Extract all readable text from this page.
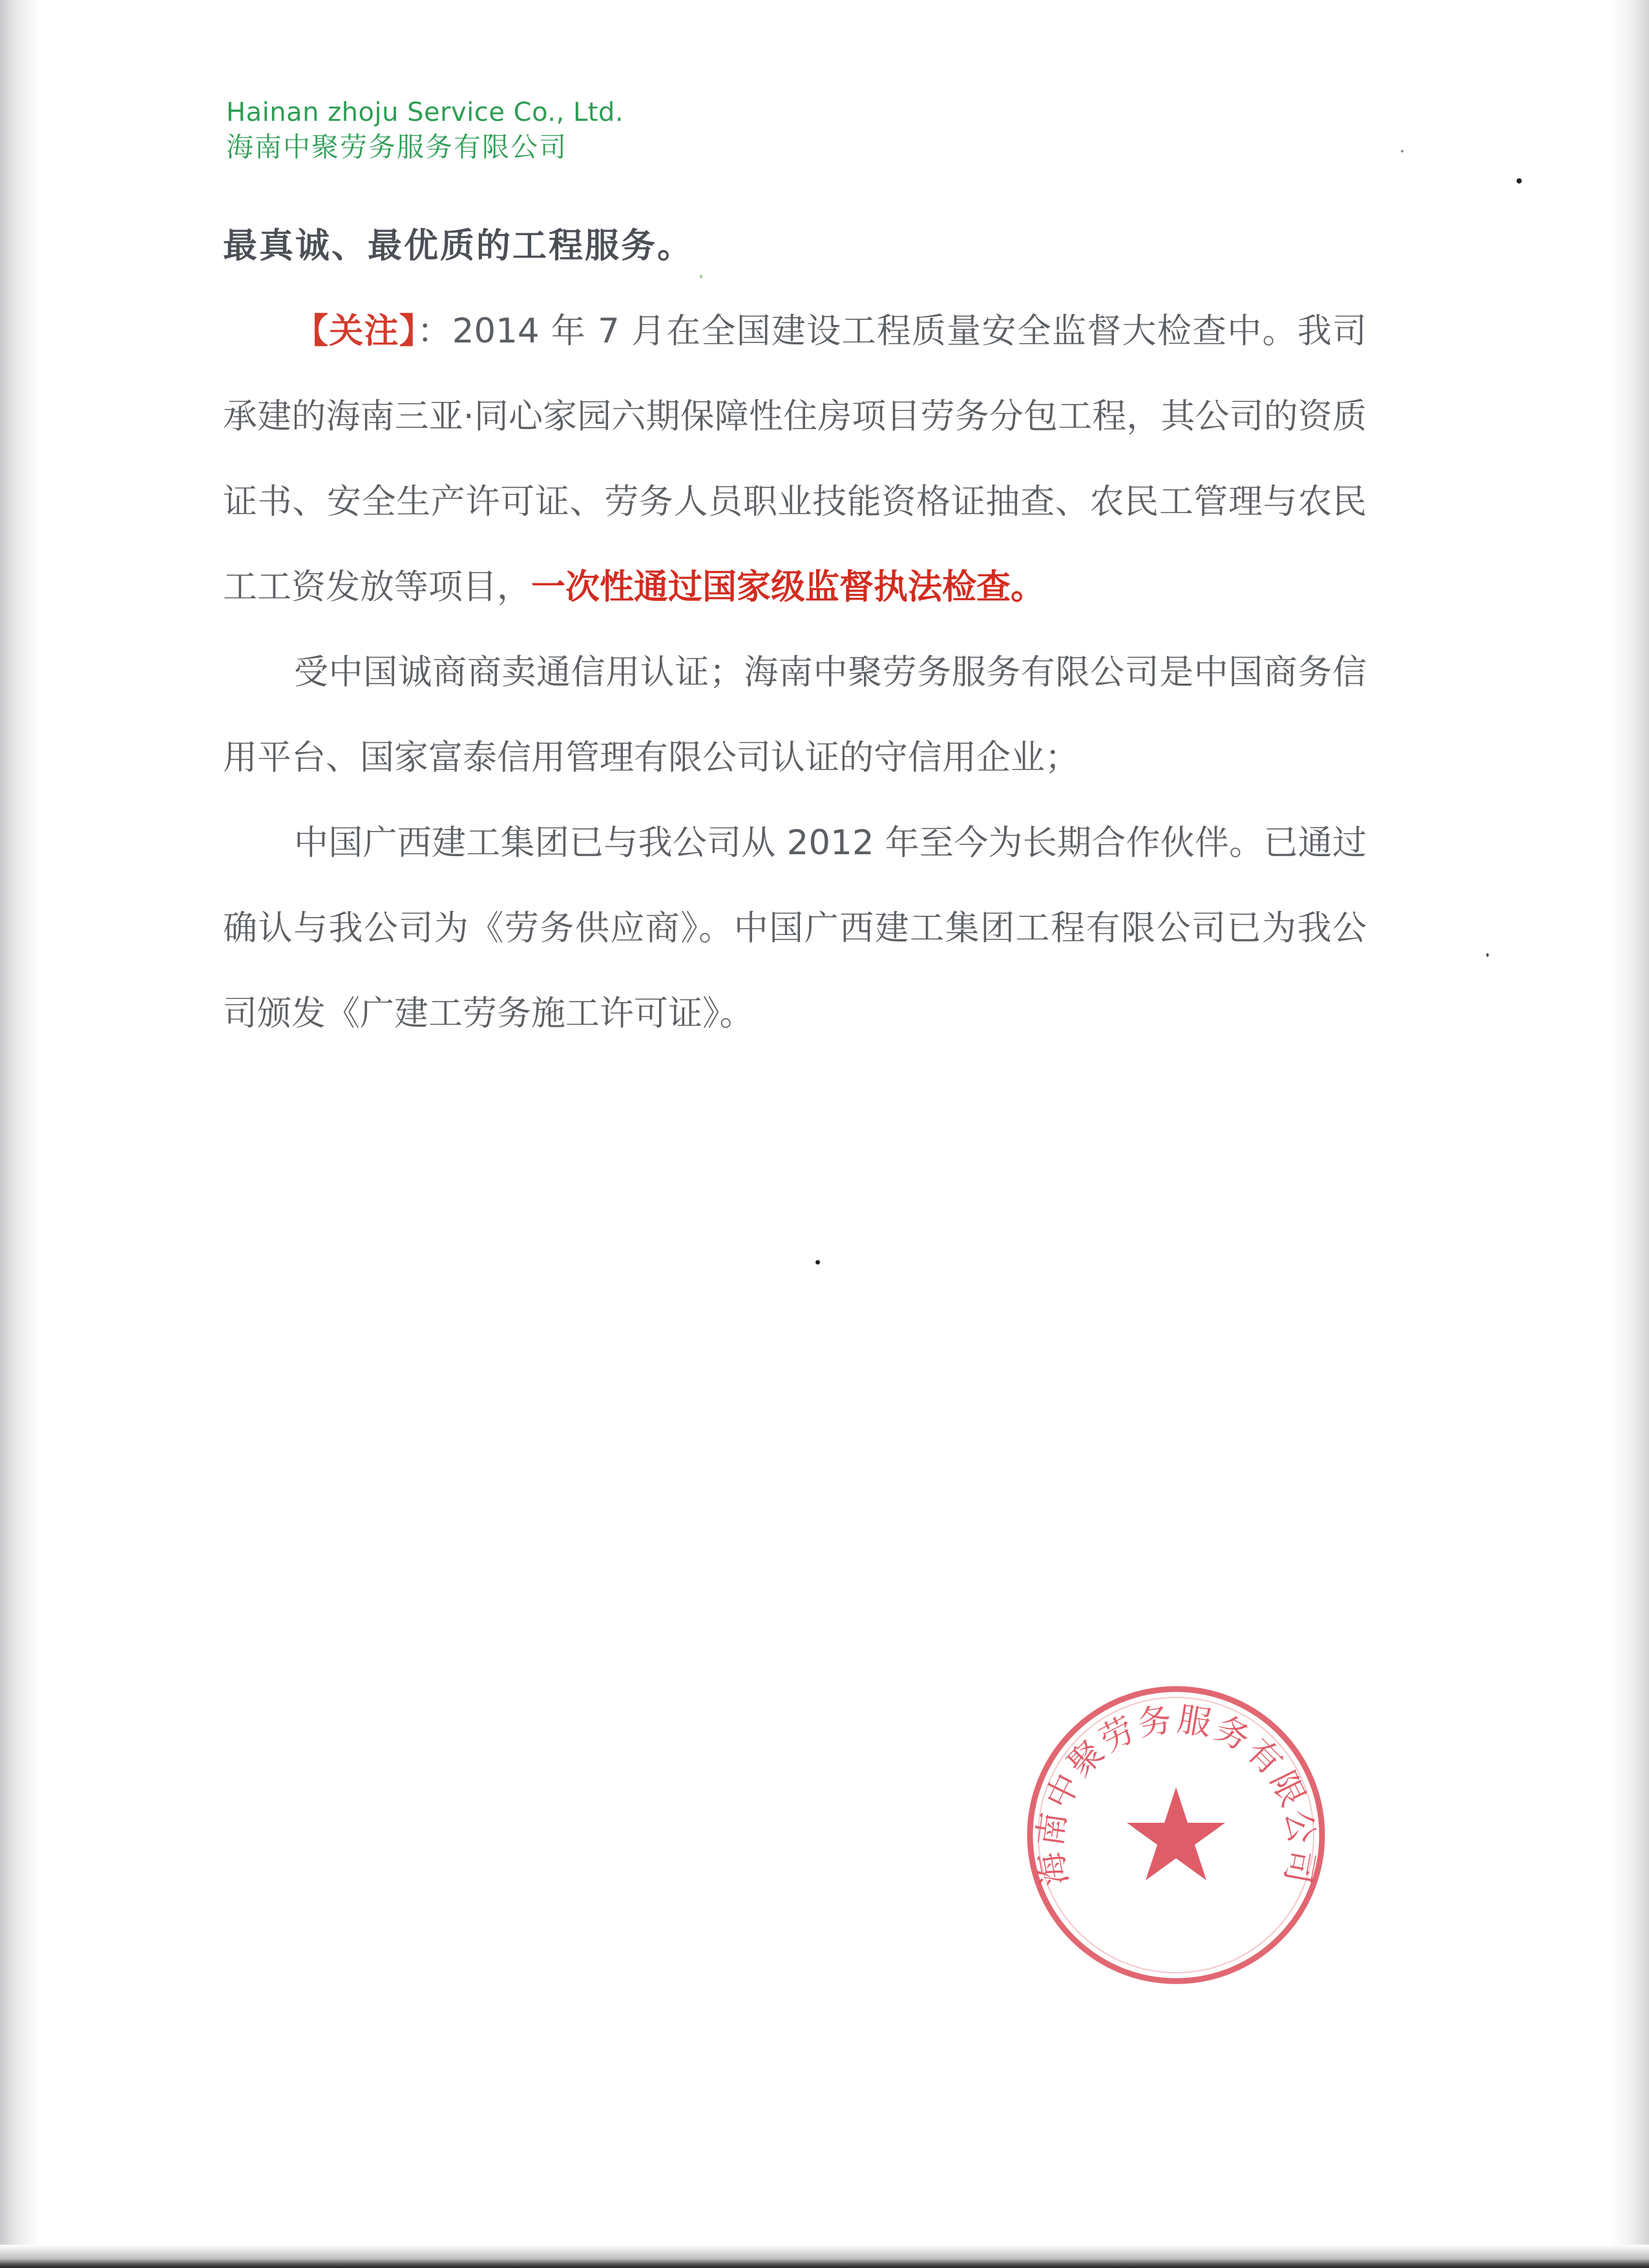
Hainan zhoju Service Co., Ltd.
海南中聚劳务服务有限公司

最真诚、最优质的工程服务。

【关注】：2014 年 7 月在全国建设工程质量安全监督大检查中。我司承建的海南三亚·同心家园六期保障性住房项目劳务分包工程，其公司的资质证书、安全生产许可证、劳务人员职业技能资格证抽查、农民工管理与农民工工资发放等项目，一次性通过国家级监督执法检查。

受中国诚商商卖通信用认证；海南中聚劳务服务有限公司是中国商务信用平台、国家富泰信用管理有限公司认证的守信用企业；

中国广西建工集团已与我公司从 2012 年至今为长期合作伙伴。已通过确认与我公司为《劳务供应商》。中国广西建工集团工程有限公司已为我公司颁发《广建工劳务施工许可证》。

海南中聚劳务服务有限公司
